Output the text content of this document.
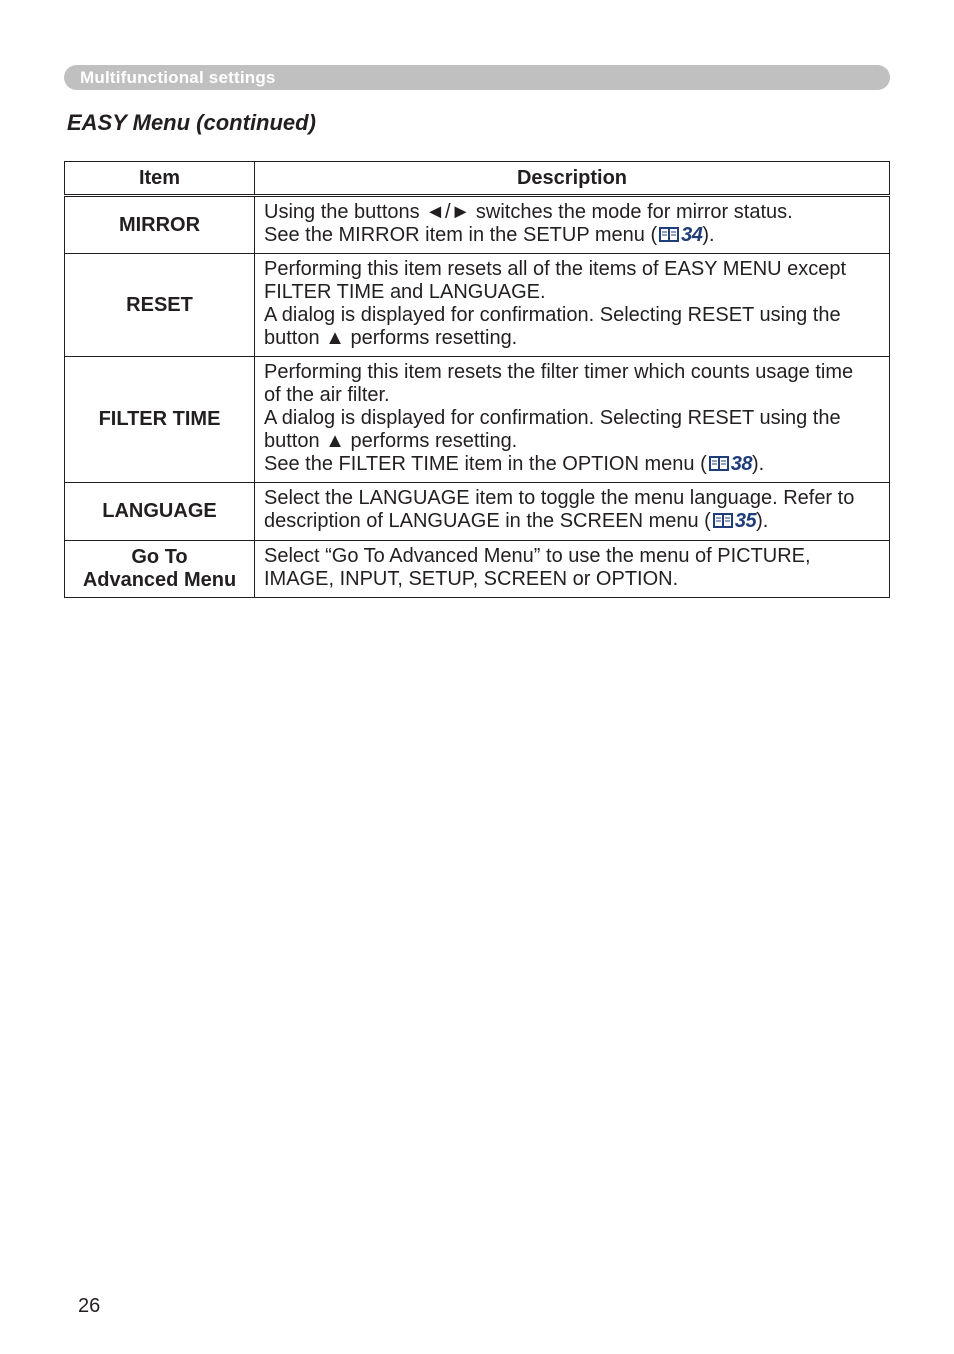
Multifunctional settings
EASY Menu (continued)
Item	Description
MIRROR	Using the buttons ◄/► switches the mode for mirror status.
See the MIRROR item in the SETUP menu ( 34).

RESET	Performing this item resets all of the items of EASY MENU except
FILTER TIME and LANGUAGE.
A dialog is displayed for confirmation. Selecting RESET using the
button ▲ performs resetting.

FILTER TIME	Performing this item resets the filter timer which counts usage time
of the air filter.
A dialog is displayed for confirmation. Selecting RESET using the
button ▲ performs resetting.
See the FILTER TIME item in the OPTION menu ( 38).

LANGUAGE	Select the LANGUAGE item to toggle the menu language. Refer to
description of LANGUAGE in the SCREEN menu ( 35).

Go To
Advanced Menu	Select “Go To Advanced Menu” to use the menu of PICTURE,
IMAGE, INPUT, SETUP, SCREEN or OPTION.
26
